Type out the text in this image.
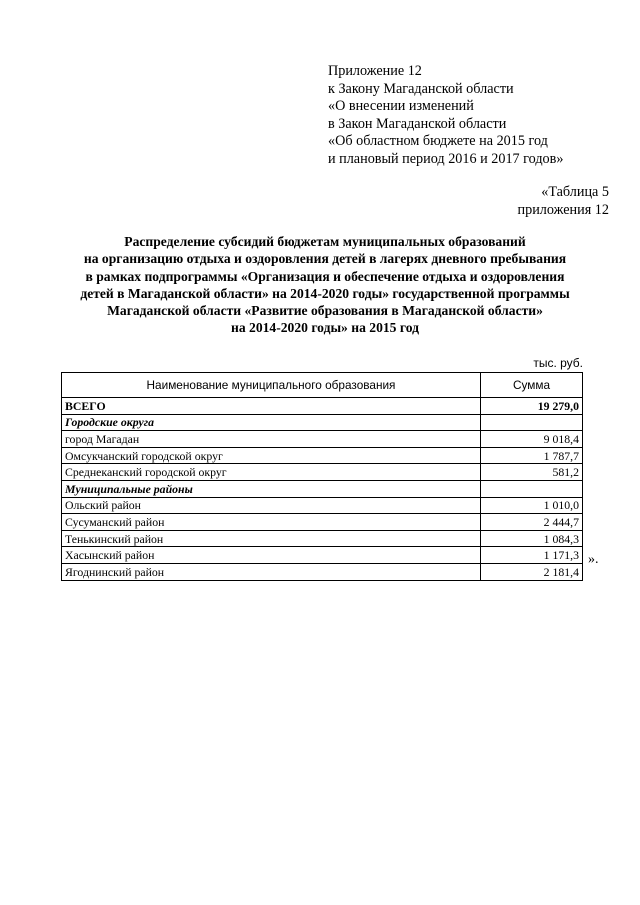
Приложение 12
к Закону Магаданской области
«О внесении изменений
в Закон Магаданской области
«Об областном бюджете на 2015 год
и плановый период 2016 и 2017 годов»
«Таблица 5
приложения 12
Распределение субсидий бюджетам муниципальных образований
на организацию отдыха и оздоровления детей в лагерях дневного пребывания
в рамках подпрограммы «Организация и обеспечение отдыха и оздоровления
детей в Магаданской области» на 2014-2020 годы» государственной программы
Магаданской области «Развитие образования в Магаданской области»
на 2014-2020 годы» на 2015 год
тыс. руб.
Наименование муниципального образования	Сумма
ВСЕГО	19 279,0
Городские округа	
город Магадан	9 018,4
Омсукчанский городской округ	1 787,7
Среднеканский городской округ	581,2
Муниципальные районы	
Ольский район	1 010,0
Сусуманский район	2 444,7
Тенькинский район	1 084,3
Хасынский район	1 171,3
Ягоднинский район	2 181,4
».
